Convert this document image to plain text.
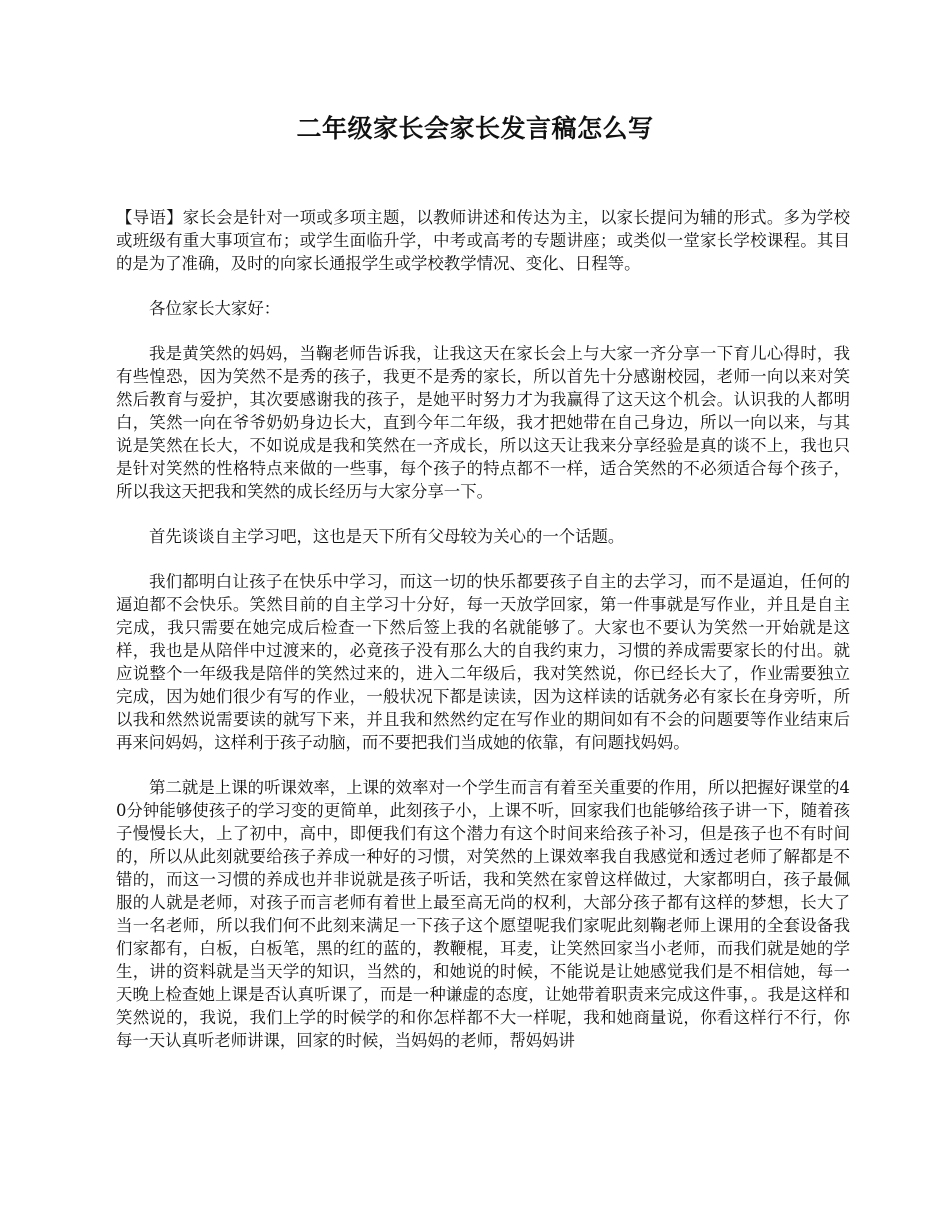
二年级家长会家长发言稿怎么写

【导语】家长会是针对一项或多项主题，以教师讲述和传达为主，以家长提问为辅的形式。多为学校或班级有重大事项宣布；或学生面临升学，中考或高考的专题讲座；或类似一堂家长学校课程。其目的是为了准确，及时的向家长通报学生或学校教学情况、变化、日程等。

各位家长大家好：

我是黄笑然的妈妈，当鞠老师告诉我，让我这天在家长会上与大家一齐分享一下育儿心得时，我有些惶恐，因为笑然不是秀的孩子，我更不是秀的家长，所以首先十分感谢校园，老师一向以来对笑然后教育与爱护，其次要感谢我的孩子，是她平时努力才为我赢得了这天这个机会。认识我的人都明白，笑然一向在爷爷奶奶身边长大，直到今年二年级，我才把她带在自己身边，所以一向以来，与其说是笑然在长大，不如说成是我和笑然在一齐成长，所以这天让我来分享经验是真的谈不上，我也只是针对笑然的性格特点来做的一些事，每个孩子的特点都不一样，适合笑然的不必须适合每个孩子，所以我这天把我和笑然的成长经历与大家分享一下。

首先谈谈自主学习吧，这也是天下所有父母较为关心的一个话题。

我们都明白让孩子在快乐中学习，而这一切的快乐都要孩子自主的去学习，而不是逼迫，任何的逼迫都不会快乐。笑然目前的自主学习十分好，每一天放学回家，第一件事就是写作业，并且是自主完成，我只需要在她完成后检查一下然后签上我的名就能够了。大家也不要认为笑然一开始就是这样，我也是从陪伴中过渡来的，必竟孩子没有那么大的自我约束力，习惯的养成需要家长的付出。就应说整个一年级我是陪伴的笑然过来的，进入二年级后，我对笑然说，你已经长大了，作业需要独立完成，因为她们很少有写的作业，一般状况下都是读读，因为这样读的话就务必有家长在身旁听，所以我和然然说需要读的就写下来，并且我和然然约定在写作业的期间如有不会的问题要等作业结束后再来问妈妈，这样利于孩子动脑，而不要把我们当成她的依靠，有问题找妈妈。

第二就是上课的听课效率，上课的效率对一个学生而言有着至关重要的作用，所以把握好课堂的40分钟能够使孩子的学习变的更简单，此刻孩子小，上课不听，回家我们也能够给孩子讲一下，随着孩子慢慢长大，上了初中，高中，即便我们有这个潜力有这个时间来给孩子补习，但是孩子也不有时间的，所以从此刻就要给孩子养成一种好的习惯，对笑然的上课效率我自我感觉和透过老师了解都是不错的，而这一习惯的养成也并非说就是孩子听话，我和笑然在家曾这样做过，大家都明白，孩子最佩服的人就是老师，对孩子而言老师有着世上最至高无尚的权利，大部分孩子都有这样的梦想，长大了当一名老师，所以我们何不此刻来满足一下孩子这个愿望呢我们家呢此刻鞠老师上课用的全套设备我们家都有，白板，白板笔，黑的红的蓝的，教鞭棍，耳麦，让笑然回家当小老师，而我们就是她的学生，讲的资料就是当天学的知识，当然的，和她说的时候，不能说是让她感觉我们是不相信她，每一天晚上检查她上课是否认真听课了，而是一种谦虚的态度，让她带着职责来完成这件事，。我是这样和笑然说的，我说，我们上学的时候学的和你怎样都不大一样呢，我和她商量说，你看这样行不行，你每一天认真听老师讲课，回家的时候，当妈妈的老师，帮妈妈讲
